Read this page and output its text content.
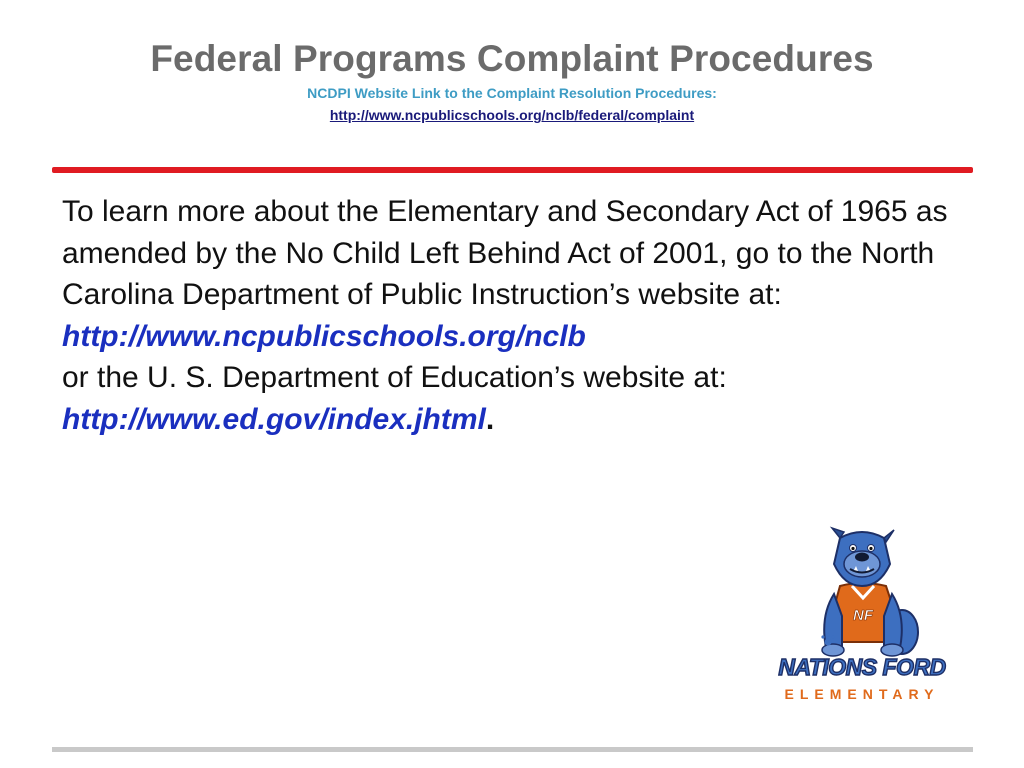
Federal Programs Complaint Procedures
NCDPI Website Link to the Complaint Resolution Procedures:
http://www.ncpublicschools.org/nclb/federal/complaint

To learn more about the Elementary and Secondary Act of 1965 as amended by the No Child Left Behind Act of 2001, go to the North Carolina Department of Public Instruction’s website at:

http://www.ncpublicschools.org/nclb

or the U. S. Department of Education’s website at:

http://www.ed.gov/index.jhtml.

NF
NATIONS FORD
ELEMENTARY
